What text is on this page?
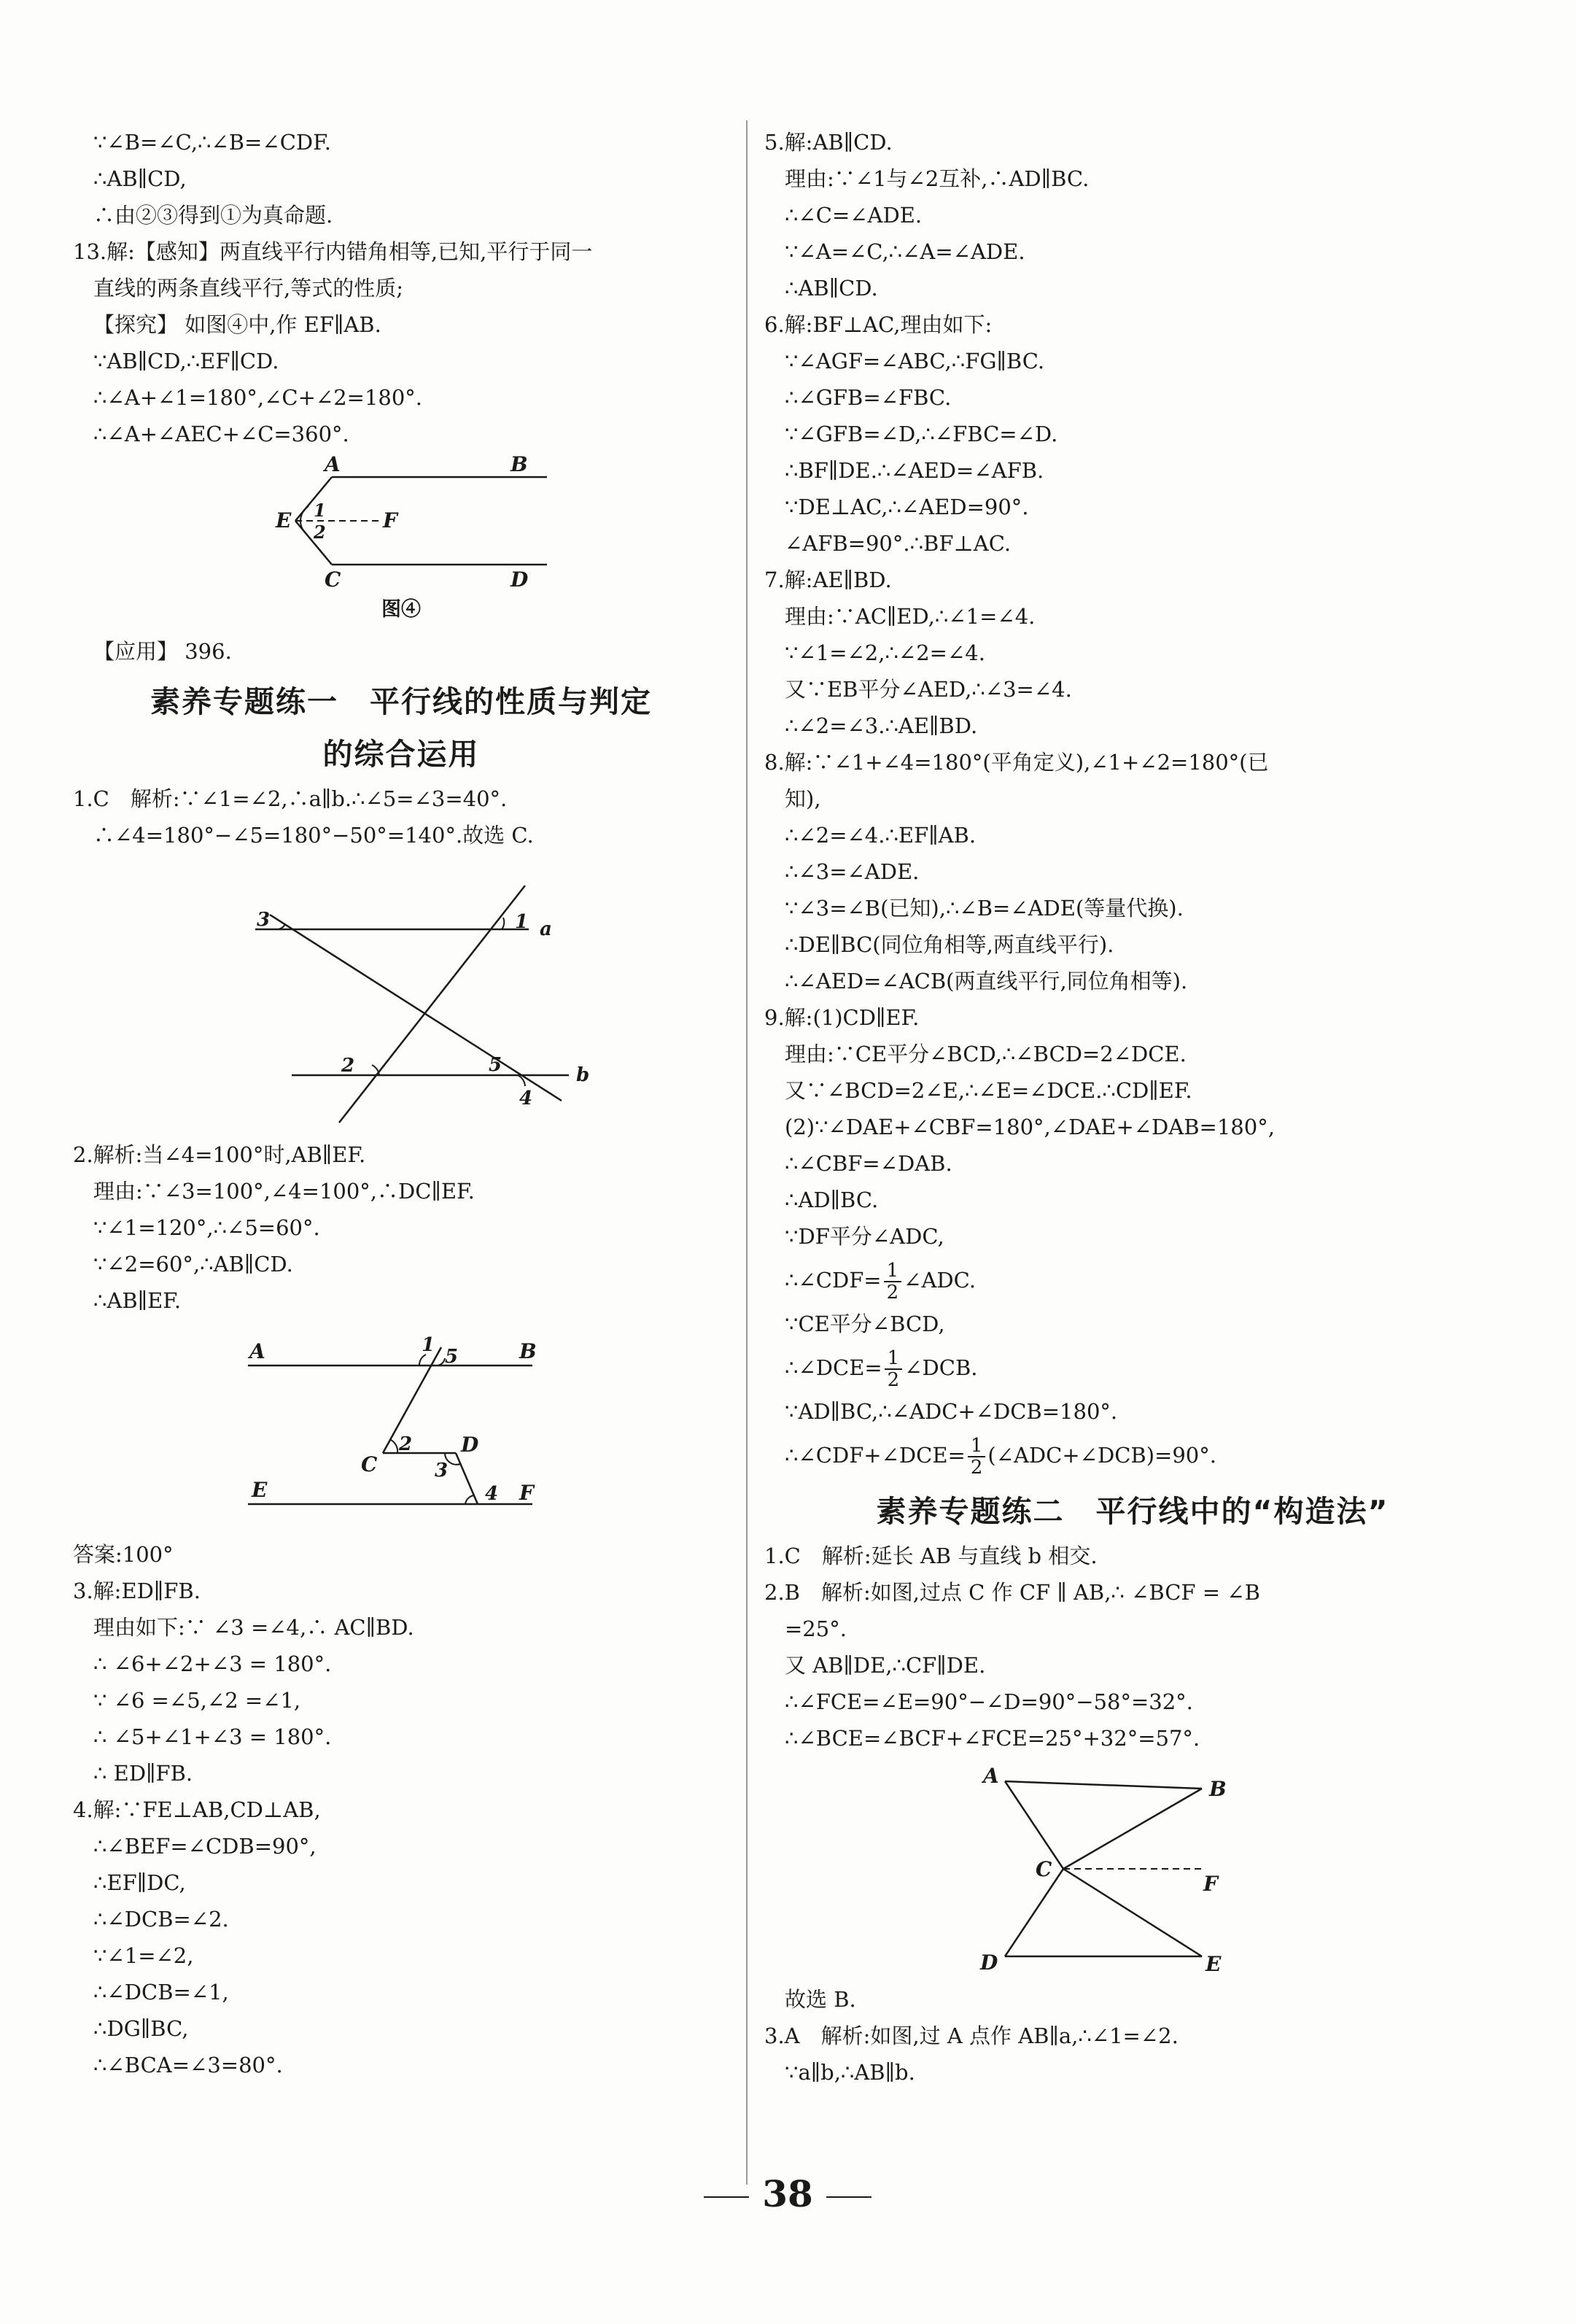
∵∠B=∠C,∴∠B=∠CDF.
∴AB∥CD,
∴由②③得到①为真命题.
13.解:【感知】两直线平行内错角相等,已知,平行于同一
直线的两条直线平行,等式的性质;
【探究】 如图④中,作 EF∥AB.
∵AB∥CD,∴EF∥CD.
∴∠A+∠1=180°,∠C+∠2=180°.
∴∠A+∠AEC+∠C=360°.
A	B
E	F
1
2
C	D
图④
【应用】 396.
素养专题练一　平行线的性质与判定
的综合运用
1.C　解析:∵∠1=∠2,∴a∥b.∴∠5=∠3=40°.
∴∠4=180°−∠5=180°−50°=140°.故选 C.
3	1 a
2	5
4
b
2.解析:当∠4=100°时,AB∥EF.
理由:∵∠3=100°,∠4=100°,∴DC∥EF.
∵∠1=120°,∴∠5=60°.
∵∠2=60°,∴AB∥CD.
∴AB∥EF.
A	1
5	B
2
C
D
3
E	4 F
答案:100°
3.解:ED∥FB.
理由如下:∵ ∠3 =∠4,∴ AC∥BD.
∴ ∠6+∠2+∠3 = 180°.
∵ ∠6 =∠5,∠2 =∠1,
∴ ∠5+∠1+∠3 = 180°.
∴ ED∥FB.
4.解:∵FE⊥AB,CD⊥AB,
∴∠BEF=∠CDB=90°,
∴EF∥DC,
∴∠DCB=∠2.
∵∠1=∠2,
∴∠DCB=∠1,
∴DG∥BC,
∴∠BCA=∠3=80°.
5.解:AB∥CD.
理由:∵∠1与∠2互补,∴AD∥BC.
∴∠C=∠ADE.
∵∠A=∠C,∴∠A=∠ADE.
∴AB∥CD.
6.解:BF⊥AC,理由如下:
∵∠AGF=∠ABC,∴FG∥BC.
∴∠GFB=∠FBC.
∵∠GFB=∠D,∴∠FBC=∠D.
∴BF∥DE.∴∠AED=∠AFB.
∵DE⊥AC,∴∠AED=90°.
∠AFB=90°.∴BF⊥AC.
7.解:AE∥BD.
理由:∵AC∥ED,∴∠1=∠4.
∵∠1=∠2,∴∠2=∠4.
又∵EB平分∠AED,∴∠3=∠4.
∴∠2=∠3.∴AE∥BD.
8.解:∵∠1+∠4=180°(平角定义),∠1+∠2=180°(已
知),
∴∠2=∠4.∴EF∥AB.
∴∠3=∠ADE.
∵∠3=∠B(已知),∴∠B=∠ADE(等量代换).
∴DE∥BC(同位角相等,两直线平行).
∴∠AED=∠ACB(两直线平行,同位角相等).
9.解:(1)CD∥EF.
理由:∵CE平分∠BCD,∴∠BCD=2∠DCE.
又∵∠BCD=2∠E,∴∠E=∠DCE.∴CD∥EF.
(2)∵∠DAE+∠CBF=180°,∠DAE+∠DAB=180°,
∴∠CBF=∠DAB.
∴AD∥BC.
∵DF平分∠ADC,
∴∠CDF= $\frac{1}{2}$ ∠ADC.
∵CE平分∠BCD,
∴∠DCE= $\frac{1}{2}$ ∠DCB.
∵AD∥BC,∴∠ADC+∠DCB=180°.
∴∠CDF+∠DCE= $\frac{1}{2}$ (∠ADC+∠DCB)=90°.
素养专题练二　平行线中的“构造法”
1.C　解析:延长 AB 与直线 b 相交.
2.B　解析:如图,过点 C 作 CF ∥ AB,∴ ∠BCF = ∠B
=25°.
又 AB∥DE,∴CF∥DE.
∴∠FCE=∠E=90°−∠D=90°−58°=32°.
∴∠BCE=∠BCF+∠FCE=25°+32°=57°.
A
B
C
F
D	E
故选 B.
3.A　解析:如图,过 A 点作 AB∥a,∴∠1=∠2.
∵a∥b,∴AB∥b.
38
